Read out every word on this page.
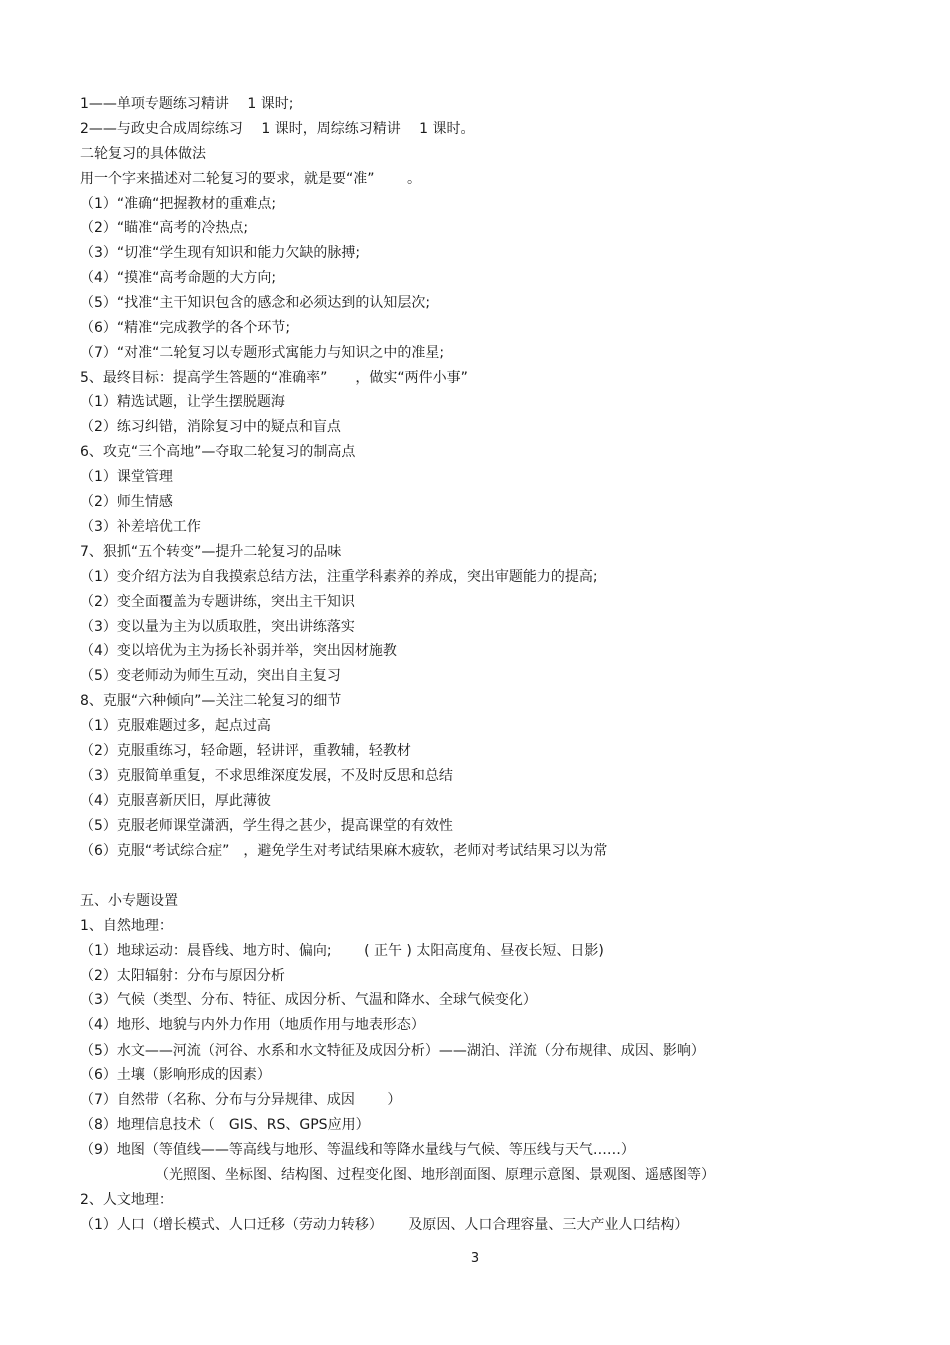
1——单项专题练习精讲　 1 课时;
2——与政史合成周综练习　 1 课时，周综练习精讲　 1 课时。
二轮复习的具体做法
用一个字来描述对二轮复习的要求，就是要“准”　　 。
（1）“准确“把握教材的重难点;
（2）“瞄准“高考的冷热点;
（3）“切准“学生现有知识和能力欠缺的脉搏;
（4）“摸准“高考命题的大方向;
（5）“找准“主干知识包含的感念和必须达到的认知层次;
（6）“精准“完成教学的各个环节;
（7）“对准“二轮复习以专题形式寓能力与知识之中的准星;
5、最终目标：提高学生答题的“准确率”　　，做实“两件小事”
（1）精选试题，让学生摆脱题海
（2）练习纠错，消除复习中的疑点和盲点
6、攻克“三个高地”—夺取二轮复习的制高点
（1）课堂管理
（2）师生情感
（3）补差培优工作
7、狠抓“五个转变”—提升二轮复习的品味
（1）变介绍方法为自我摸索总结方法，注重学科素养的养成，突出审题能力的提高;
（2）变全面覆盖为专题讲练，突出主干知识
（3）变以量为主为以质取胜，突出讲练落实
（4）变以培优为主为扬长补弱并举，突出因材施教
（5）变老师动为师生互动，突出自主复习
8、克服“六种倾向”—关注二轮复习的细节
（1）克服难题过多，起点过高
（2）克服重练习，轻命题，轻讲评，重教辅，轻教材
（3）克服简单重复，不求思维深度发展，不及时反思和总结
（4）克服喜新厌旧，厚此薄彼
（5）克服老师课堂潇洒，学生得之甚少，提高课堂的有效性
（6）克服“考试综合症”　，避免学生对考试结果麻木疲软，老师对考试结果习以为常
五、小专题设置
1、自然地理：
（1）地球运动：晨昏线、地方时、偏向;　　 ( 正午 ) 太阳高度角、昼夜长短、日影)
（2）太阳辐射：分布与原因分析
（3）气候（类型、分布、特征、成因分析、气温和降水、全球气候变化）
（4）地形、地貌与内外力作用（地质作用与地表形态）
（5）水文——河流（河谷、水系和水文特征及成因分析）——湖泊、洋流（分布规律、成因、影响）
（6）土壤（影响形成的因素）
（7）自然带（名称、分布与分异规律、成因　　 ）
（8）地理信息技术（　GIS、RS、GPS应用）
（9）地图（等值线——等高线与地形、等温线和等降水量线与气候、等压线与天气……）
（光照图、坐标图、结构图、过程变化图、地形剖面图、原理示意图、景观图、遥感图等）
2、人文地理：
（1）人口（增长模式、人口迁移（劳动力转移）　　 及原因、人口合理容量、三大产业人口结构）
3
